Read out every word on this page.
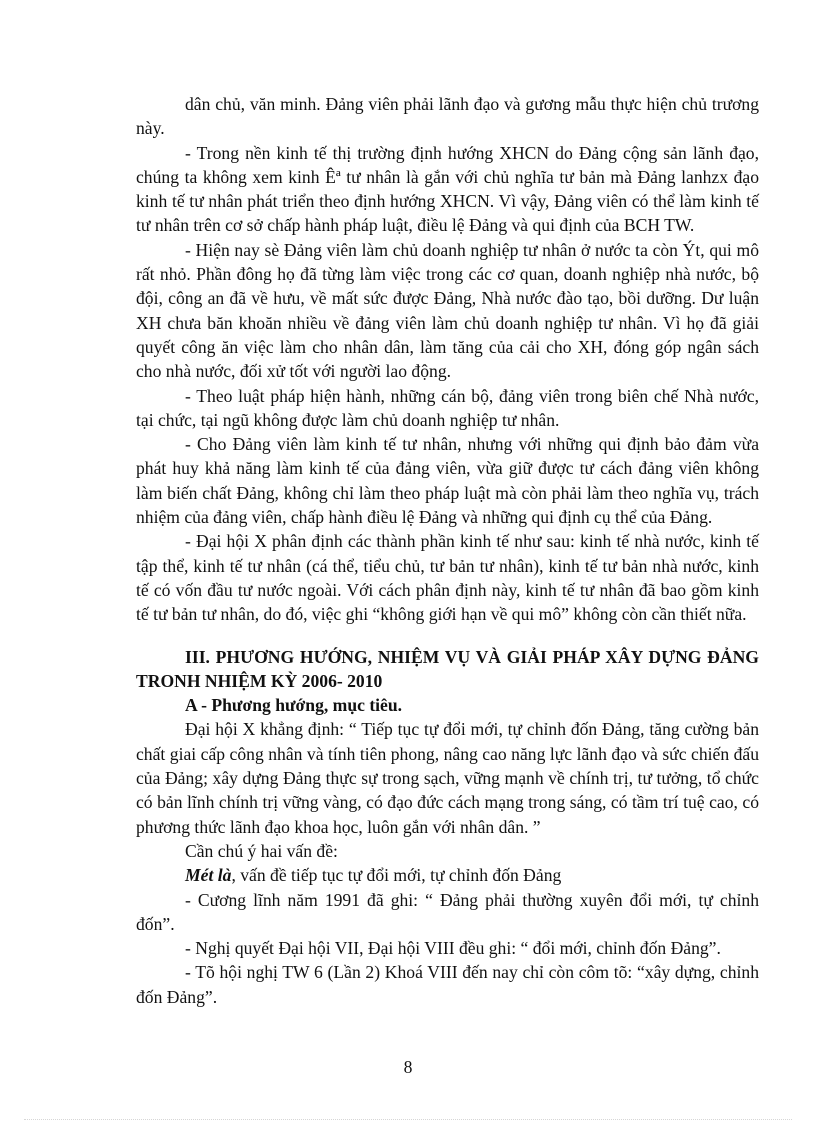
dân chủ, văn minh. Đảng viên phải lãnh đạo và gương mẫu thực hiện chủ trương này.

- Trong nền kinh tế thị trường định hướng XHCN do Đảng cộng sản lãnh đạo, chúng ta không xem kinh Êª tư nhân là gắn với chủ nghĩa tư bản mà Đảng lanhzx đạo kinh tế tư nhân phát triển theo định hướng XHCN. Vì vậy, Đảng viên có thể làm kinh tế tư nhân trên cơ sở chấp hành pháp luật, điều lệ Đảng và qui định của BCH TW.

- Hiện nay sè Đảng viên làm chủ doanh nghiệp tư nhân ở nước ta còn Ýt, qui mô rất nhỏ. Phần đông họ đã từng làm việc trong các cơ quan, doanh nghiệp nhà nước, bộ đội, công an đã về hưu, về mất sức được Đảng, Nhà nước đào tạo, bồi dưỡng. Dư luận XH chưa băn khoăn nhiều về đảng viên làm chủ doanh nghiệp tư nhân. Vì họ đã giải quyết công ăn việc làm cho nhân dân, làm tăng của cải cho XH, đóng góp ngân sách cho nhà nước, đối xử tốt với người lao động.

- Theo luật pháp hiện hành, những cán bộ, đảng viên trong biên chế Nhà nước, tại chức, tại ngũ không được làm chủ doanh nghiệp tư nhân.

- Cho Đảng viên làm kinh tế tư nhân, nhưng với những qui định bảo đảm vừa phát huy khả năng làm kinh tế của đảng viên, vừa giữ được tư cách đảng viên không làm biến chất Đảng, không chỉ làm theo pháp luật mà còn phải làm theo nghĩa vụ, trách nhiệm của đảng viên, chấp hành điều lệ Đảng và những qui định cụ thể của Đảng.

- Đại hội X phân định các thành phần kinh tế như sau: kinh tế nhà nước, kinh tế tập thể, kinh tế tư nhân (cá thể, tiểu chủ, tư bản tư nhân), kinh tế tư bản nhà nước, kinh tế có vốn đầu tư nước ngoài. Với cách phân định này, kinh tế tư nhân đã bao gồm kinh tế tư bản tư nhân, do đó, việc ghi “không giới hạn về qui mô” không còn cần thiết nữa.

III. PHƯƠNG HƯỚNG, NHIỆM VỤ VÀ GIẢI PHÁP XÂY DỰNG ĐẢNG TRONH NHIỆM KỲ 2006- 2010

A - Phương hướng, mục tiêu.

Đại hội X khẳng định: “ Tiếp tục tự đổi mới, tự chỉnh đốn Đảng, tăng cường bản chất giai cấp công nhân và tính tiên phong, nâng cao năng lực lãnh đạo và sức chiến đấu của Đảng; xây dựng Đảng thực sự trong sạch, vững mạnh về chính trị, tư tưởng, tổ chức có bản lĩnh chính trị vững vàng, có đạo đức cách mạng trong sáng, có tầm trí tuệ cao, có phương thức lãnh đạo khoa học, luôn gắn với nhân dân. ”

Cần chú ý hai vấn đề:

Mét là, vấn đề tiếp tục tự đổi mới, tự chỉnh đốn Đảng

- Cương lĩnh năm 1991 đã ghi: “ Đảng phải thường xuyên đổi mới, tự chỉnh đốn”.

- Nghị quyết Đại hội VII, Đại hội VIII đều ghi: “ đổi mới, chỉnh đốn Đảng”.

- Tõ hội nghị TW 6 (Lần 2) Khoá VIII đến nay chỉ còn côm tõ: “xây dựng, chỉnh đốn Đảng”.

8
